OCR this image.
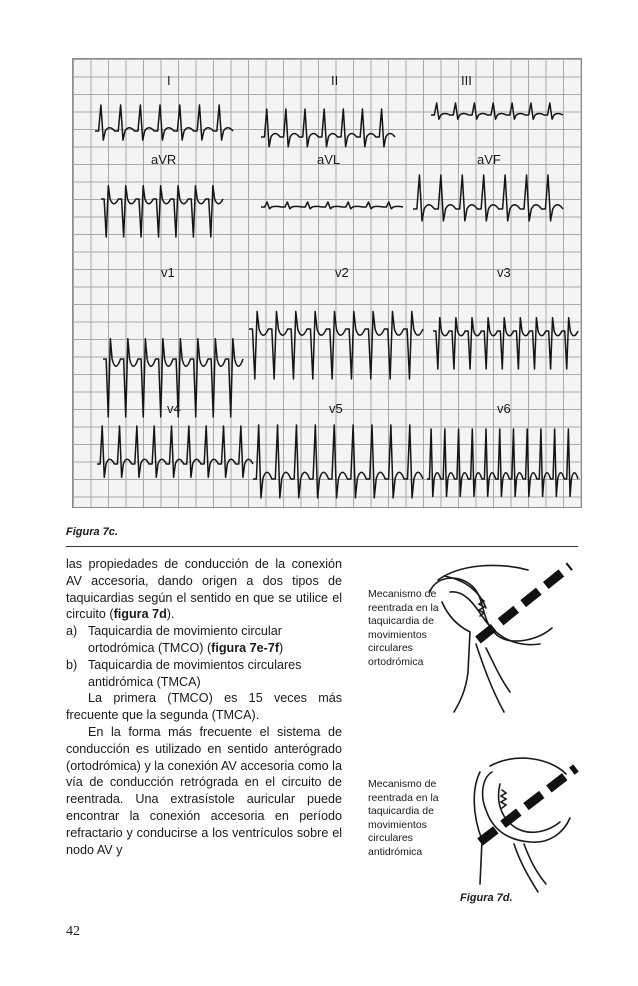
I	II	III
aVR	aVL	aVF
v1	v2	v3
v4	v5	v6
Figura 7c.

las propiedades de conducción de la conexión AV accesoria, dando origen a dos tipos de taquicardias según el sentido en que se utilice el circuito (figura 7d).

a) Taquicardia de movimiento circular ortodrómica (TMCO) (figura 7e-7f)
b) Taquicardia de movimientos circulares antidrómica (TMCA)

La primera (TMCO) es 15 veces más frecuente que la segunda (TMCA).

En la forma más frecuente el sistema de conducción es utilizado en sentido anterógrado (ortodrómica) y la conexión AV accesoria como la vía de conducción retrógrada en el circuito de reentrada. Una extrasístole auricular puede encontrar la conexión accesoria en período refractario y conducirse a los ventrículos sobre el nodo AV y

Mecanismo de reentrada en la taquicardia de movimientos circulares ortodrómica
Mecanismo de reentrada en la taquicardia de movimientos circulares antidrómica
Figura 7d.
42
